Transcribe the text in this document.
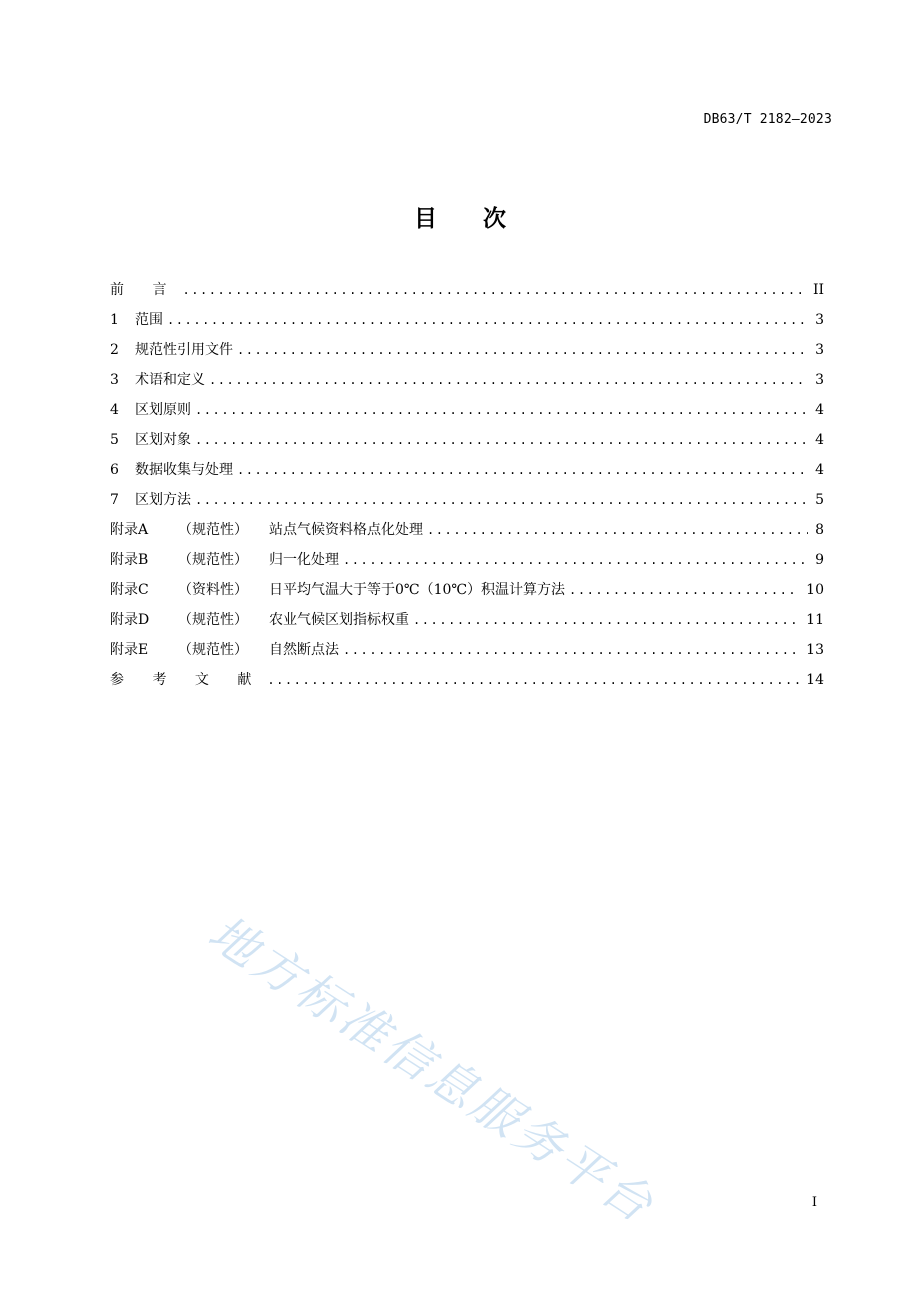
DB63/T 2182—2023
目 次
前 言 .....	II
1 范围 .....	3
2 规范性引用文件 .....	3
3 术语和定义 .....	3
4 区划原则 .....	4
5 区划对象 .....	4
6 数据收集与处理 .....	4
7 区划方法 .....	5
附录A （规范性） 站点气候资料格点化处理 .....	8
附录B （规范性） 归一化处理 .....	9
附录C （资料性） 日平均气温大于等于0℃（10℃）积温计算方法 .....	10
附录D （规范性） 农业气候区划指标权重 .....	11
附录E （规范性） 自然断点法 .....	13
参 考 文 献 .....	14
地方标准信息服务平台	I
